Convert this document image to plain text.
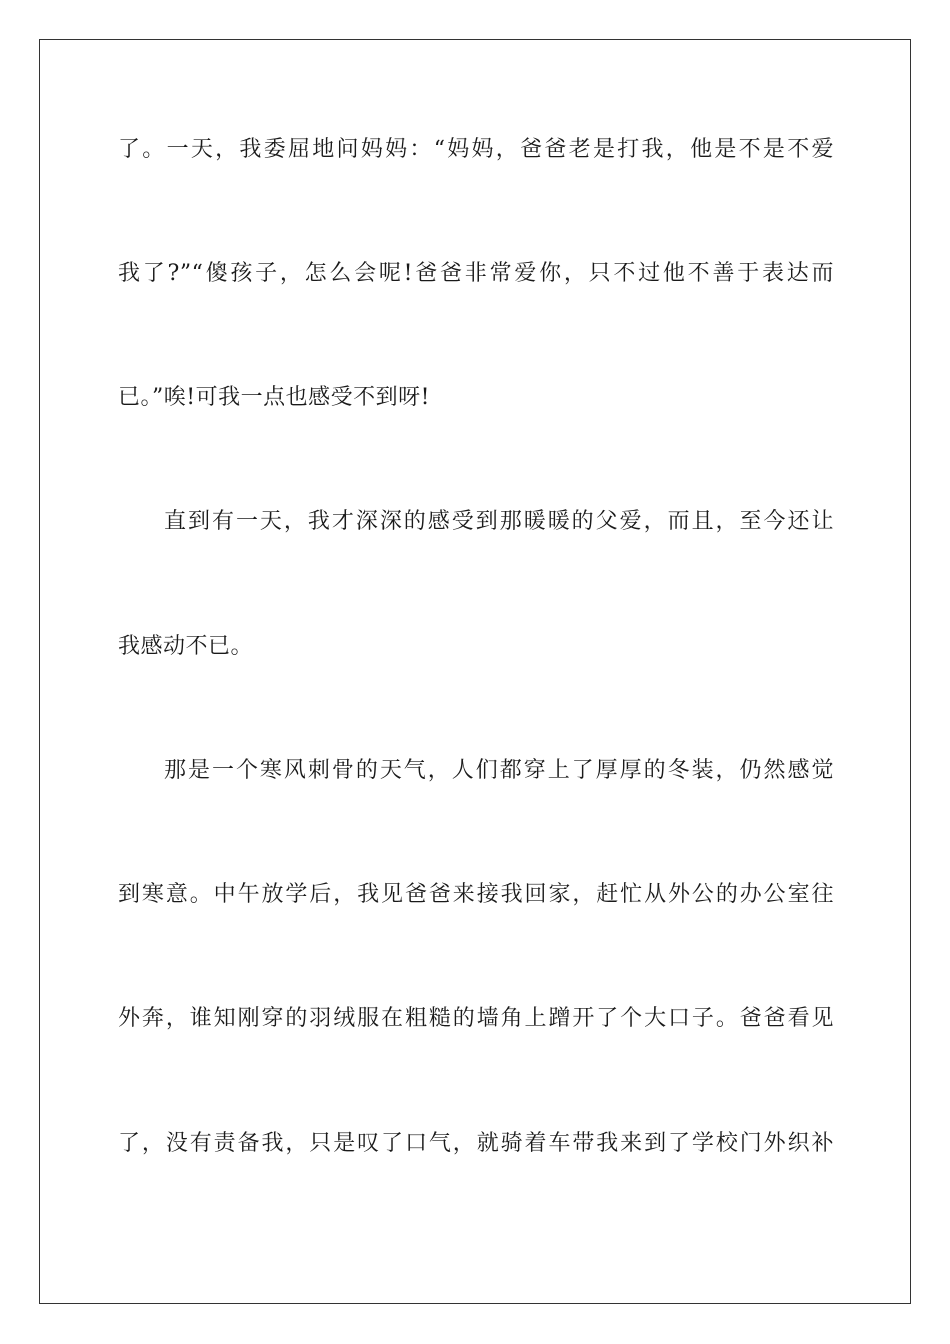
了。一天，我委屈地问妈妈：“妈妈，爸爸老是打我，他是不是不爱
我了?”“傻孩子，怎么会呢!爸爸非常爱你，只不过他不善于表达而
已。”唉!可我一点也感受不到呀!
直到有一天，我才深深的感受到那暖暖的父爱，而且，至今还让
我感动不已。
那是一个寒风刺骨的天气，人们都穿上了厚厚的冬装，仍然感觉
到寒意。中午放学后，我见爸爸来接我回家，赶忙从外公的办公室往
外奔，谁知刚穿的羽绒服在粗糙的墙角上蹭开了个大口子。爸爸看见
了，没有责备我，只是叹了口气，就骑着车带我来到了学校门外织补
